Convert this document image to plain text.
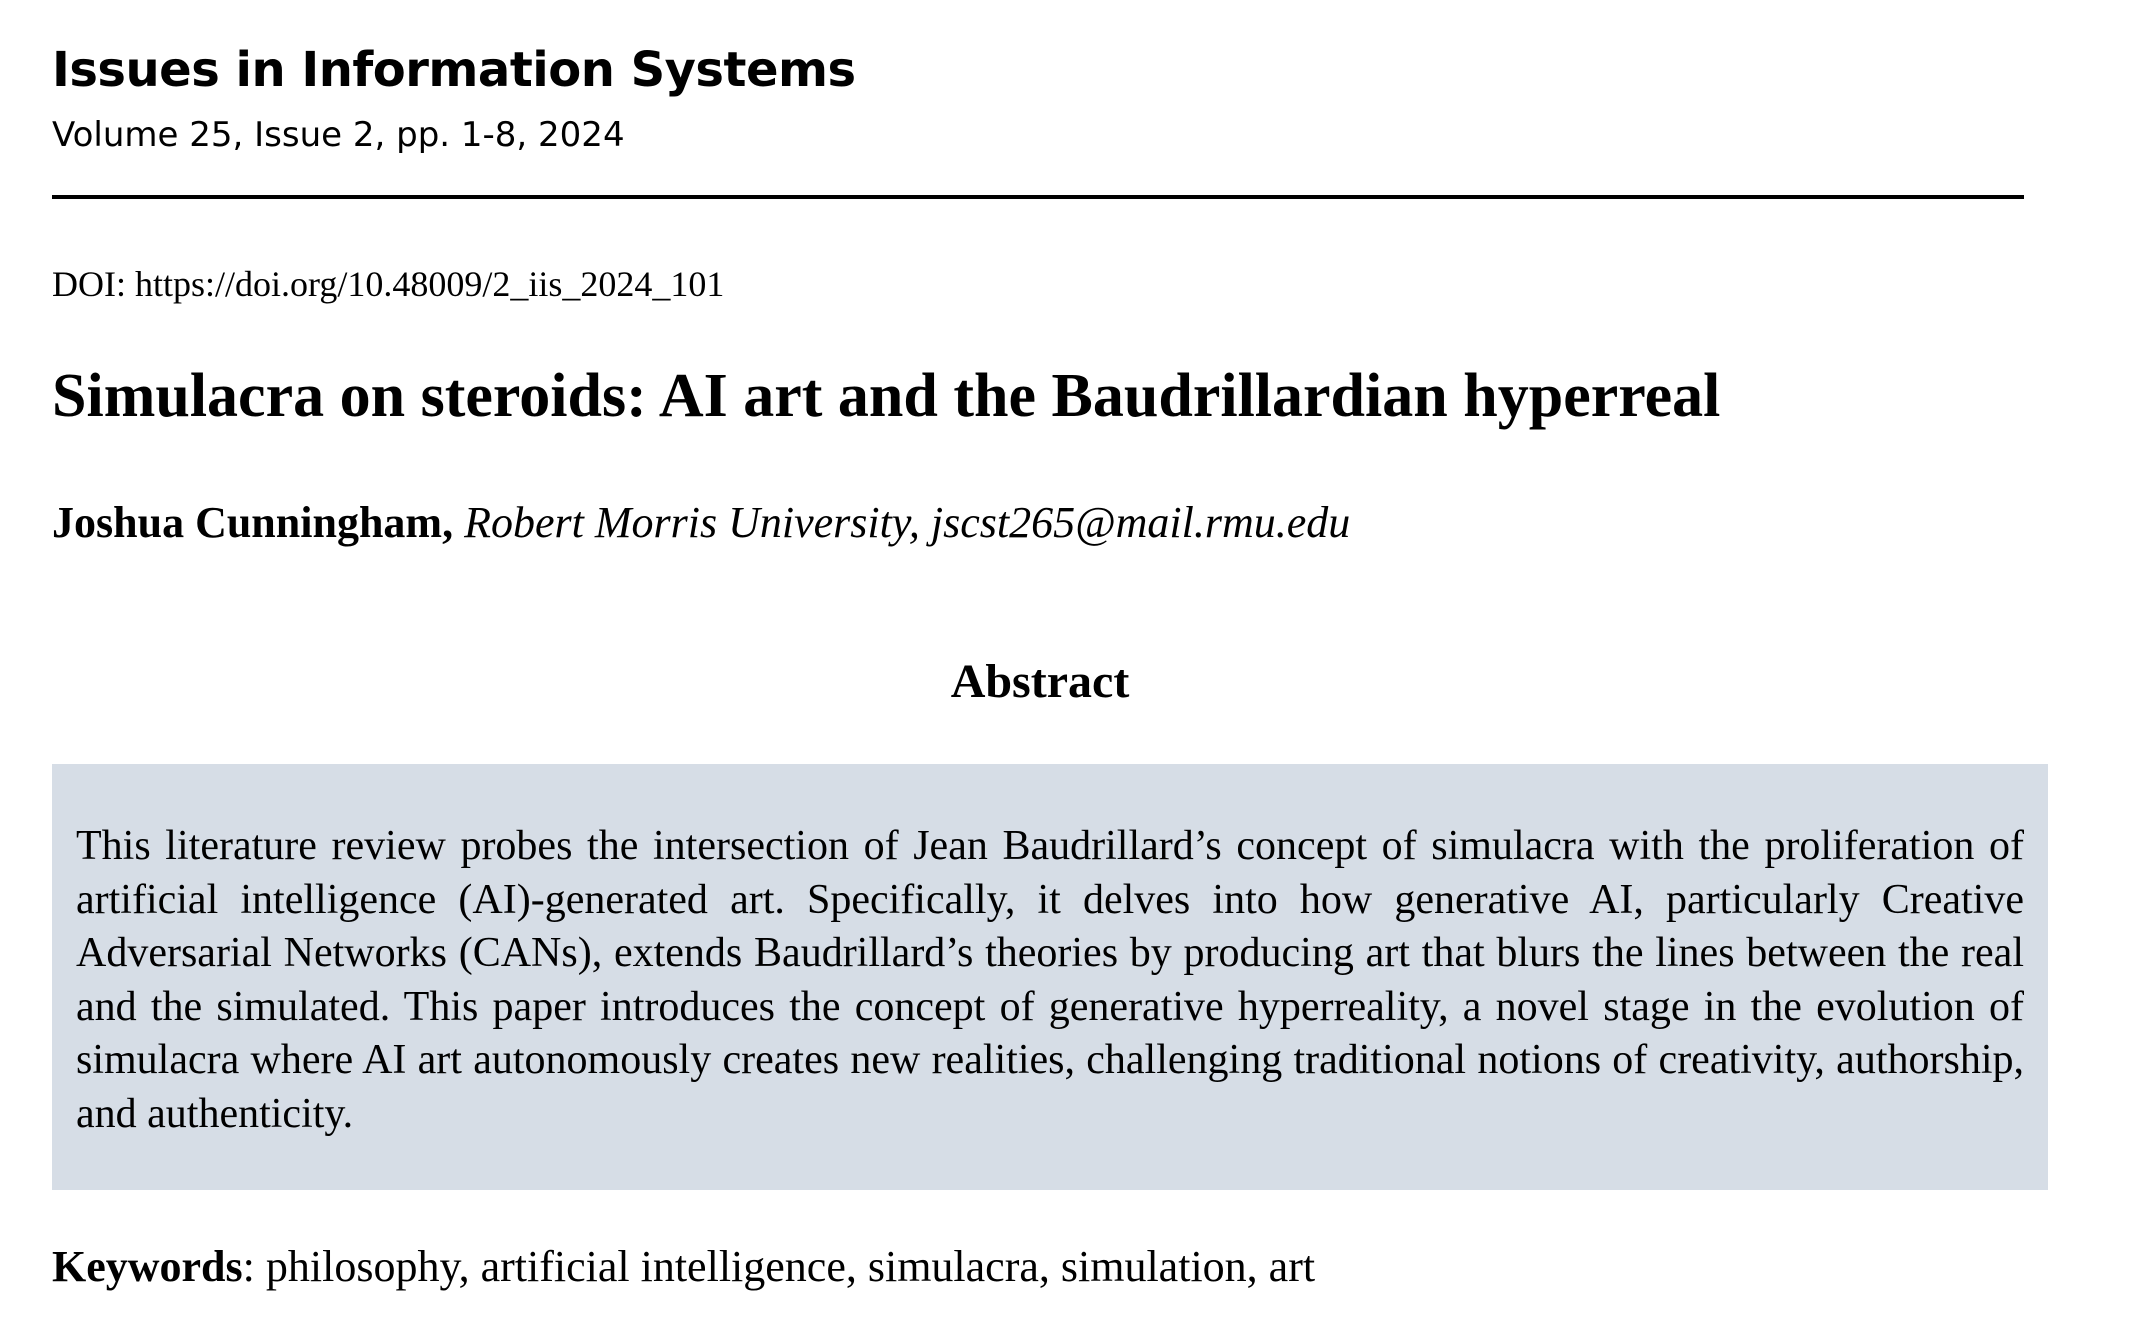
Issues in Information Systems
Volume 25, Issue 2, pp. 1-8, 2024
DOI: https://doi.org/10.48009/2_iis_2024_101
Simulacra on steroids: AI art and the Baudrillardian hyperreal
Joshua Cunningham, Robert Morris University, jscst265@mail.rmu.edu
Abstract

This literature review probes the intersection of Jean Baudrillard’s concept of simulacra with the proliferation of artificial intelligence (AI)-generated art. Specifically, it delves into how generative AI, particularly Creative Adversarial Networks (CANs), extends Baudrillard’s theories by producing art that blurs the lines between the real and the simulated. This paper introduces the concept of generative hyperreality, a novel stage in the evolution of simulacra where AI art autonomously creates new realities, challenging traditional notions of creativity, authorship, and authenticity.

Keywords: philosophy, artificial intelligence, simulacra, simulation, art
